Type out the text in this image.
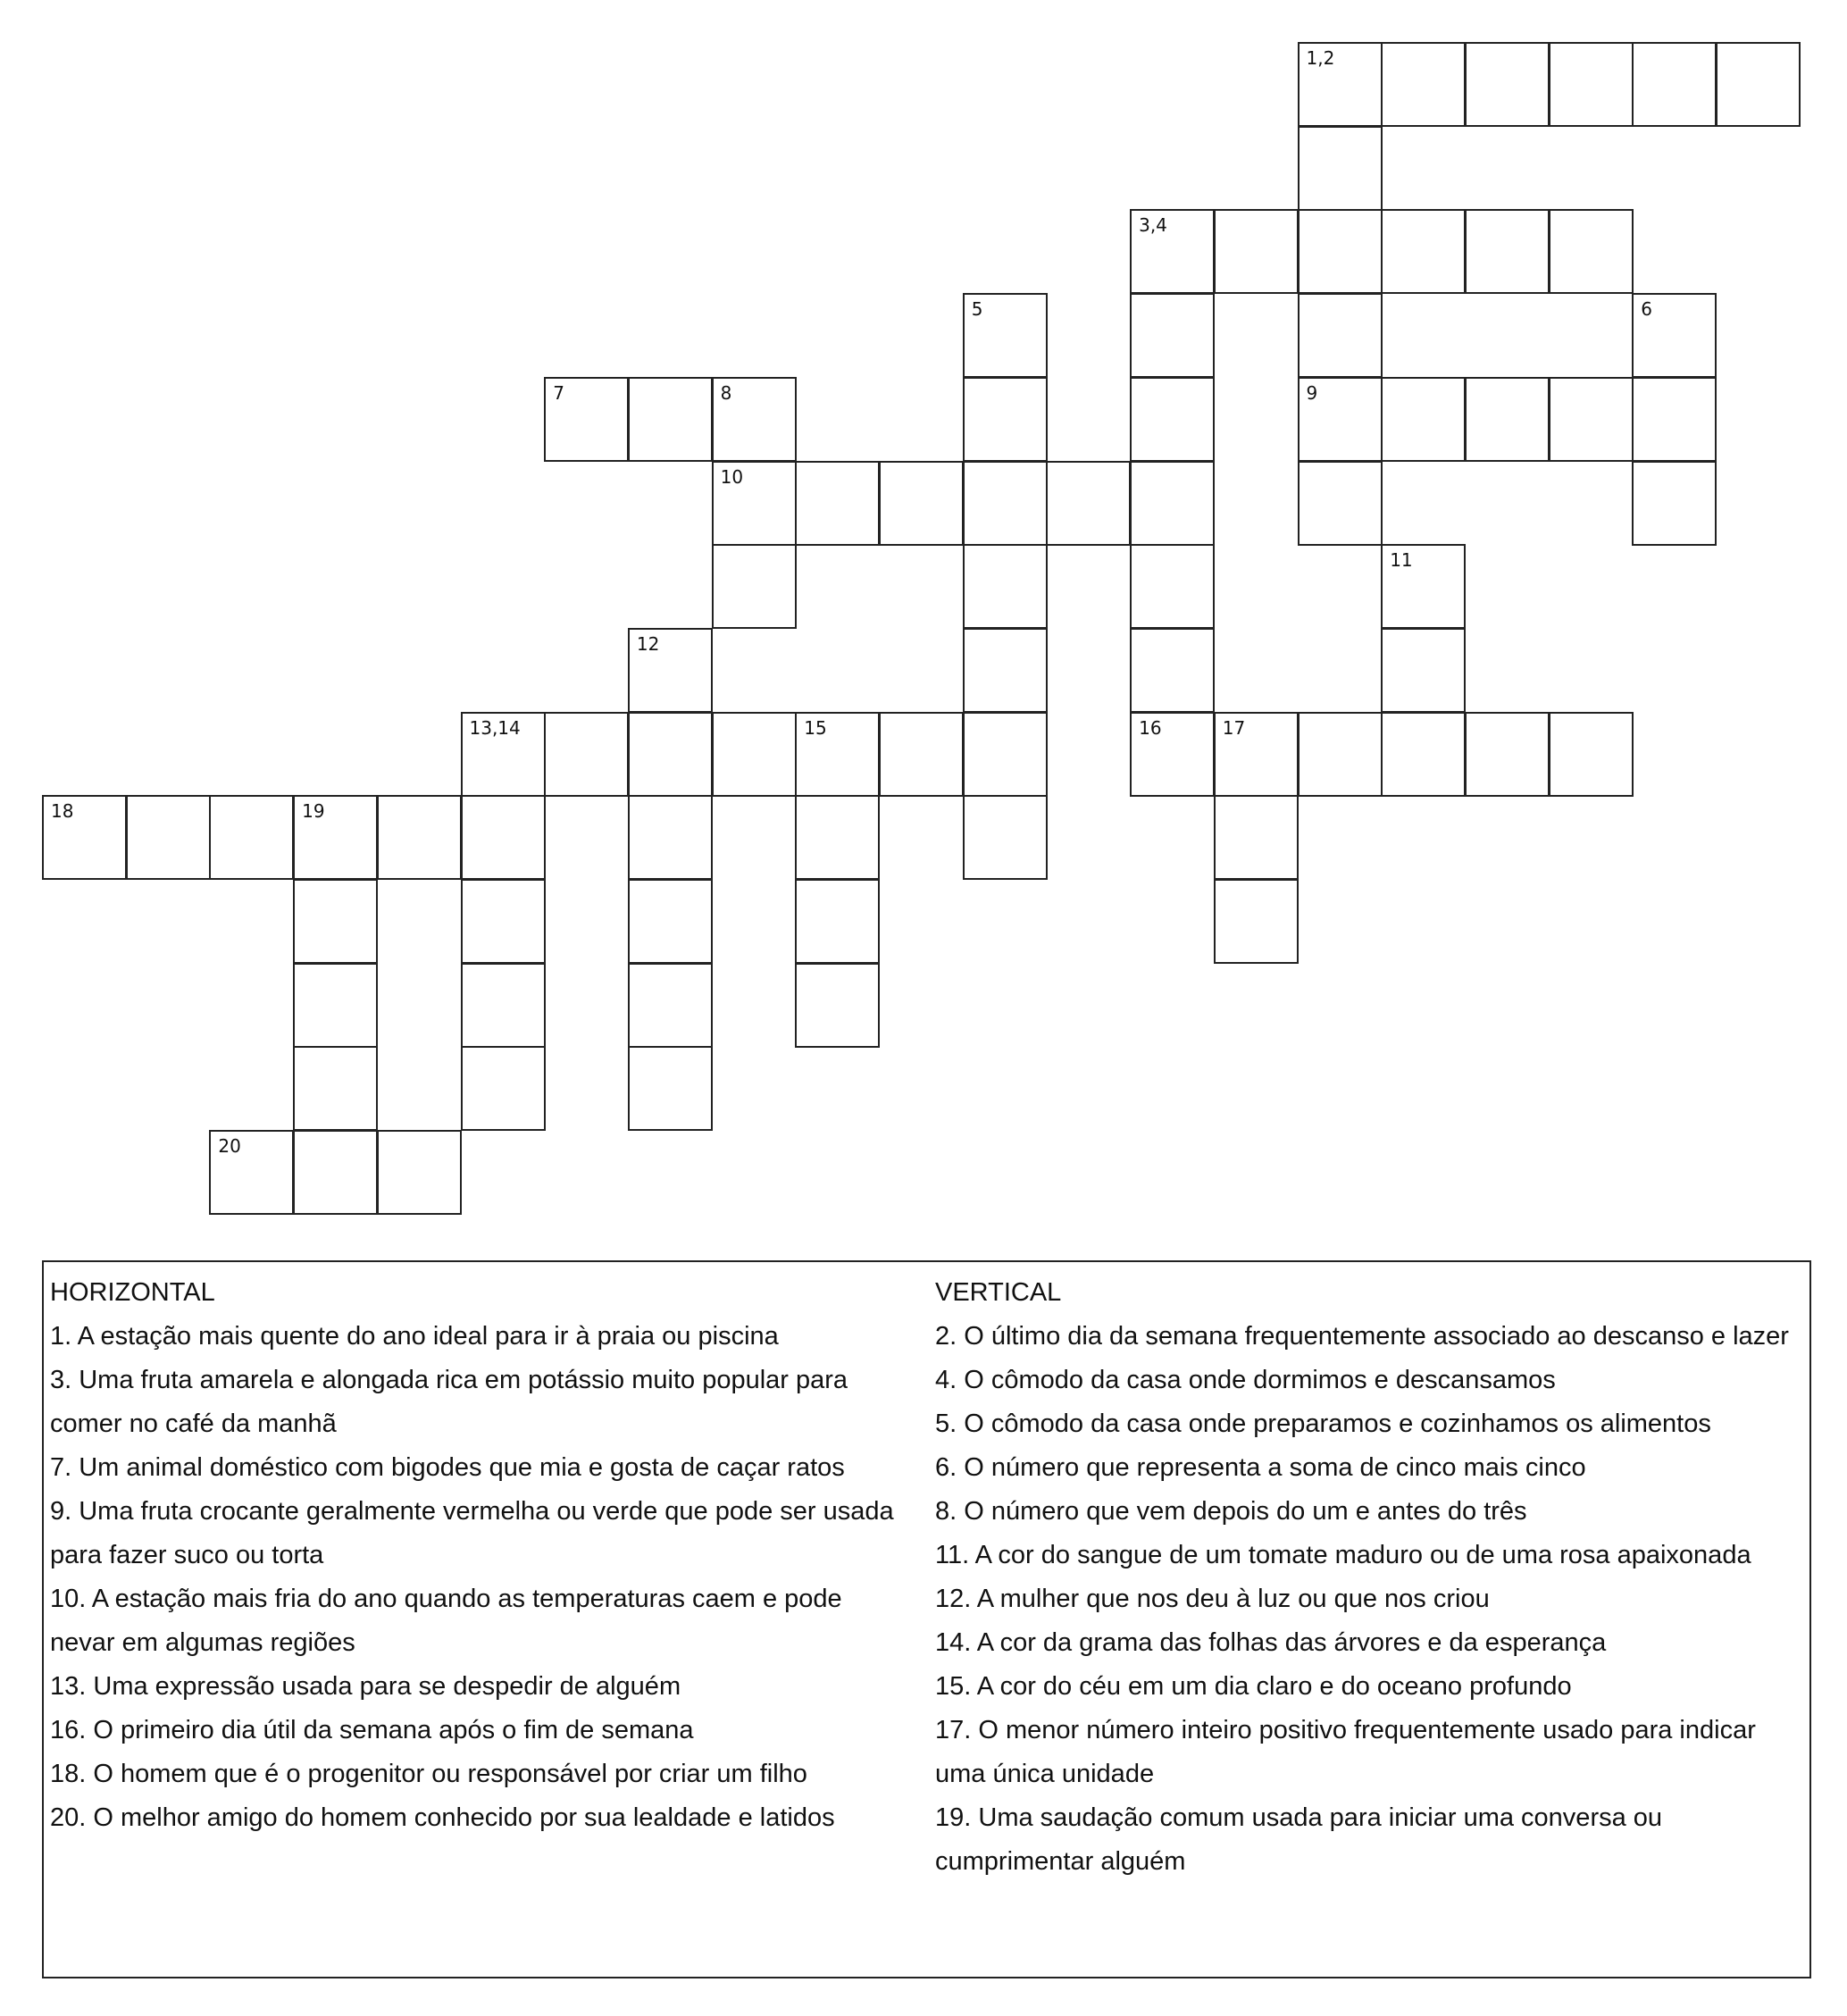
1,2
3,4
5	6
7	8	9
10
11
12
13,14	15	16	17
18	19
20

HORIZONTAL

1. A estação mais quente do ano ideal para ir à praia ou piscina

3. Uma fruta amarela e alongada rica em potássio muito popular para comer no café da manhã

7. Um animal doméstico com bigodes que mia e gosta de caçar ratos

9. Uma fruta crocante geralmente vermelha ou verde que pode ser usada para fazer suco ou torta

10. A estação mais fria do ano quando as temperaturas caem e pode nevar em algumas regiões

13. Uma expressão usada para se despedir de alguém

16. O primeiro dia útil da semana após o fim de semana

18. O homem que é o progenitor ou responsável por criar um filho

20. O melhor amigo do homem conhecido por sua lealdade e latidos

VERTICAL

2. O último dia da semana frequentemente associado ao descanso e lazer

4. O cômodo da casa onde dormimos e descansamos

5. O cômodo da casa onde preparamos e cozinhamos os alimentos

6. O número que representa a soma de cinco mais cinco

8. O número que vem depois do um e antes do três

11. A cor do sangue de um tomate maduro ou de uma rosa apaixonada

12. A mulher que nos deu à luz ou que nos criou

14. A cor da grama das folhas das árvores e da esperança

15. A cor do céu em um dia claro e do oceano profundo

17. O menor número inteiro positivo frequentemente usado para indicar uma única unidade

19. Uma saudação comum usada para iniciar uma conversa ou cumprimentar alguém
